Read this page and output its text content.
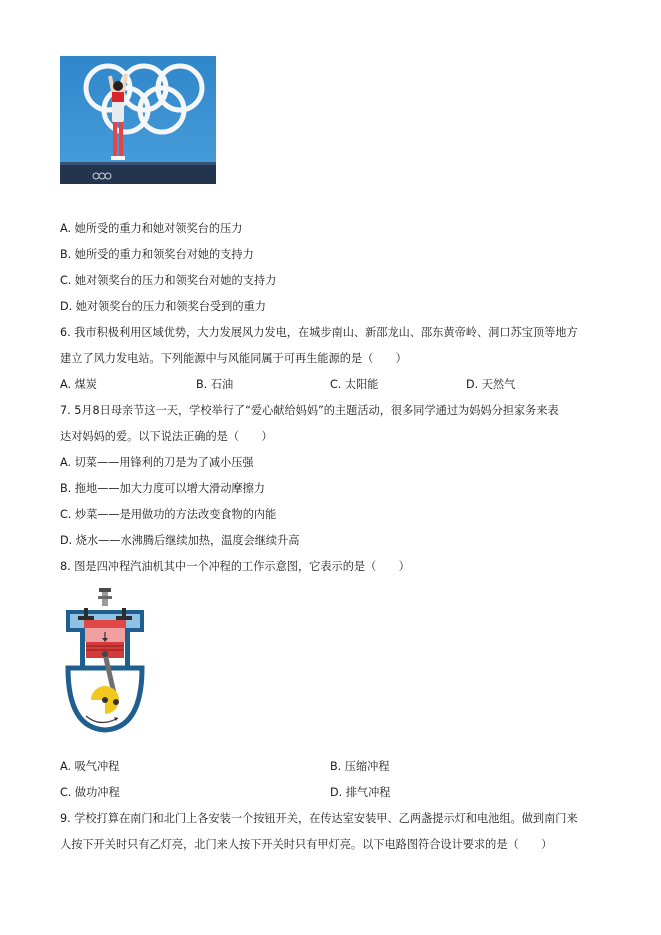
A. 她所受的重力和她对领奖台的压力
B. 她所受的重力和领奖台对她的支持力
C. 她对领奖台的压力和领奖台对她的支持力
D. 她对领奖台的压力和领奖台受到的重力
6. 我市积极利用区域优势，大力发展风力发电，在城步南山、新邵龙山、邵东黄帝岭、洞口苏宝顶等地方
建立了风力发电站。下列能源中与风能同属于可再生能源的是（　　）
A. 煤炭	B. 石油	C. 太阳能	D. 天然气
7. 5月8日母亲节这一天，学校举行了“爱心献给妈妈”的主题活动，很多同学通过为妈妈分担家务来表
达对妈妈的爱。以下说法正确的是（　　）
A. 切菜——用锋利的刀是为了减小压强
B. 拖地——加大力度可以增大滑动摩擦力
C. 炒菜——是用做功的方法改变食物的内能
D. 烧水——水沸腾后继续加热，温度会继续升高
8. 图是四冲程汽油机其中一个冲程的工作示意图，它表示的是（　　）
A. 吸气冲程	B. 压缩冲程
C. 做功冲程	D. 排气冲程
9. 学校打算在南门和北门上各安装一个按钮开关，在传达室安装甲、乙两盏提示灯和电池组。做到南门来
人按下开关时只有乙灯亮，北门来人按下开关时只有甲灯亮。以下电路图符合设计要求的是（　　）
